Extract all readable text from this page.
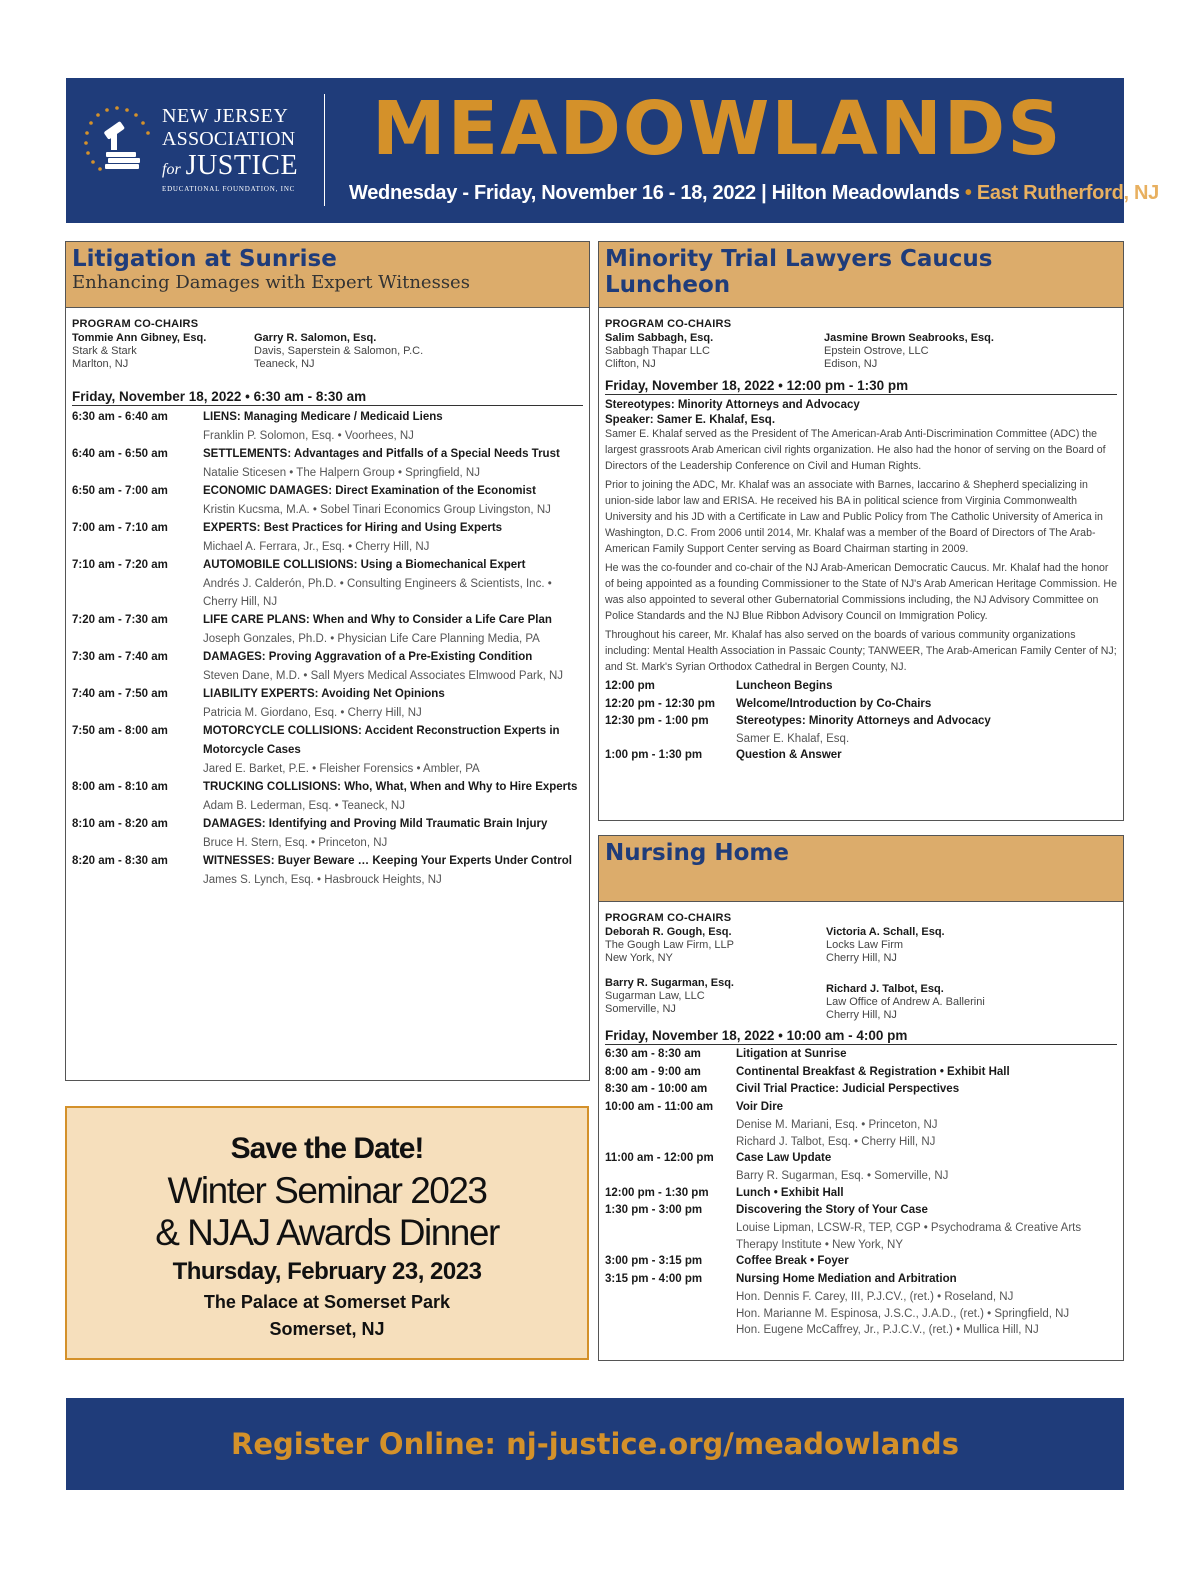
NEW JERSEY
ASSOCIATION
for JUSTICE
EDUCATIONAL FOUNDATION, INC
MEADOWLANDS
Wednesday - Friday, November 16 - 18, 2022 | Hilton Meadowlands • East Rutherford, NJ
Litigation at Sunrise
Enhancing Damages with Expert Witnesses
PROGRAM CO-CHAIRS
Tommie Ann Gibney, Esq.
Stark & Stark
Marlton, NJ
Garry R. Salomon, Esq.
Davis, Saperstein & Salomon, P.C.
Teaneck, NJ
Friday, November 18, 2022 • 6:30 am - 8:30 am
6:30 am - 6:40 am	LIENS: Managing Medicare / Medicaid Liens
Franklin P. Solomon, Esq. • Voorhees, NJ

6:40 am - 6:50 am	SETTLEMENTS: Advantages and Pitfalls of a Special Needs Trust
Natalie Sticesen • The Halpern Group • Springfield, NJ

6:50 am - 7:00 am	ECONOMIC DAMAGES: Direct Examination of the Economist
Kristin Kucsma, M.A. • Sobel Tinari Economics Group Livingston, NJ

7:00 am - 7:10 am	EXPERTS: Best Practices for Hiring and Using Experts
Michael A. Ferrara, Jr., Esq. • Cherry Hill, NJ

7:10 am - 7:20 am	AUTOMOBILE COLLISIONS: Using a Biomechanical Expert
Andrés J. Calderón, Ph.D. • Consulting Engineers & Scientists, Inc. • Cherry Hill, NJ

7:20 am - 7:30 am	LIFE CARE PLANS: When and Why to Consider a Life Care Plan
Joseph Gonzales, Ph.D. • Physician Life Care Planning Media, PA

7:30 am - 7:40 am	DAMAGES: Proving Aggravation of a Pre-Existing Condition
Steven Dane, M.D. • Sall Myers Medical Associates Elmwood Park, NJ

7:40 am - 7:50 am	LIABILITY EXPERTS: Avoiding Net Opinions
Patricia M. Giordano, Esq. • Cherry Hill, NJ

7:50 am - 8:00 am	MOTORCYCLE COLLISIONS: Accident Reconstruction Experts in Motorcycle Cases
Jared E. Barket, P.E. • Fleisher Forensics • Ambler, PA

8:00 am - 8:10 am	TRUCKING COLLISIONS: Who, What, When and Why to Hire Experts
Adam B. Lederman, Esq. • Teaneck, NJ

8:10 am - 8:20 am	DAMAGES: Identifying and Proving Mild Traumatic Brain Injury
Bruce H. Stern, Esq. • Princeton, NJ

8:20 am - 8:30 am	WITNESSES: Buyer Beware … Keeping Your Experts Under Control
James S. Lynch, Esq. • Hasbrouck Heights, NJ
Minority Trial Lawyers Caucus Luncheon
PROGRAM CO-CHAIRS
Salim Sabbagh, Esq.
Sabbagh Thapar LLC
Clifton, NJ
Jasmine Brown Seabrooks, Esq.
Epstein Ostrove, LLC
Edison, NJ
Friday, November 18, 2022 • 12:00 pm - 1:30 pm
Stereotypes: Minority Attorneys and Advocacy
Speaker: Samer E. Khalaf, Esq.

Samer E. Khalaf served as the President of The American-Arab Anti-Discrimination Committee (ADC) the largest grassroots Arab American civil rights organization. He also had the honor of serving on the Board of Directors of the Leadership Conference on Civil and Human Rights.

Prior to joining the ADC, Mr. Khalaf was an associate with Barnes, Iaccarino & Shepherd specializing in union-side labor law and ERISA. He received his BA in political science from Virginia Commonwealth University and his JD with a Certificate in Law and Public Policy from The Catholic University of America in Washington, D.C. From 2006 until 2014, Mr. Khalaf was a member of the Board of Directors of The Arab-American Family Support Center serving as Board Chairman starting in 2009.

He was the co-founder and co-chair of the NJ Arab-American Democratic Caucus. Mr. Khalaf had the honor of being appointed as a founding Commissioner to the State of NJ's Arab American Heritage Commission. He was also appointed to several other Gubernatorial Commissions including, the NJ Advisory Committee on Police Standards and the NJ Blue Ribbon Advisory Council on Immigration Policy.

Throughout his career, Mr. Khalaf has also served on the boards of various community organizations including: Mental Health Association in Passaic County; TANWEER, The Arab-American Family Center of NJ; and St. Mark's Syrian Orthodox Cathedral in Bergen County, NJ.

12:00 pm	Luncheon Begins

12:20 pm - 12:30 pm	Welcome/Introduction by Co-Chairs

12:30 pm - 1:00 pm	Stereotypes: Minority Attorneys and Advocacy
Samer E. Khalaf, Esq.

1:00 pm - 1:30 pm	Question & Answer
Nursing Home
PROGRAM CO-CHAIRS
Deborah R. Gough, Esq.
The Gough Law Firm, LLP
New York, NY
Barry R. Sugarman, Esq.
Sugarman Law, LLC
Somerville, NJ
Victoria A. Schall, Esq.
Locks Law Firm
Cherry Hill, NJ
Richard J. Talbot, Esq.
Law Office of Andrew A. Ballerini
Cherry Hill, NJ
Friday, November 18, 2022 • 10:00 am - 4:00 pm
6:30 am - 8:30 am	Litigation at Sunrise

8:00 am - 9:00 am	Continental Breakfast & Registration • Exhibit Hall

8:30 am - 10:00 am	Civil Trial Practice: Judicial Perspectives

10:00 am - 11:00 am	Voir Dire
Denise M. Mariani, Esq. • Princeton, NJ
Richard J. Talbot, Esq. • Cherry Hill, NJ

11:00 am - 12:00 pm	Case Law Update
Barry R. Sugarman, Esq. • Somerville, NJ

12:00 pm - 1:30 pm	Lunch • Exhibit Hall

1:30 pm - 3:00 pm	Discovering the Story of Your Case
Louise Lipman, LCSW-R, TEP, CGP • Psychodrama & Creative Arts Therapy Institute • New York, NY

3:00 pm - 3:15 pm	Coffee Break • Foyer

3:15 pm - 4:00 pm	Nursing Home Mediation and Arbitration
Hon. Dennis F. Carey, III, P.J.CV., (ret.) • Roseland, NJ
Hon. Marianne M. Espinosa, J.S.C., J.A.D., (ret.) • Springfield, NJ
Hon. Eugene McCaffrey, Jr., P.J.C.V., (ret.) • Mullica Hill, NJ
Save the Date!
Winter Seminar 2023
& NJAJ Awards Dinner
Thursday, February 23, 2023
The Palace at Somerset Park
Somerset, NJ
Register Online: nj-justice.org/meadowlands
